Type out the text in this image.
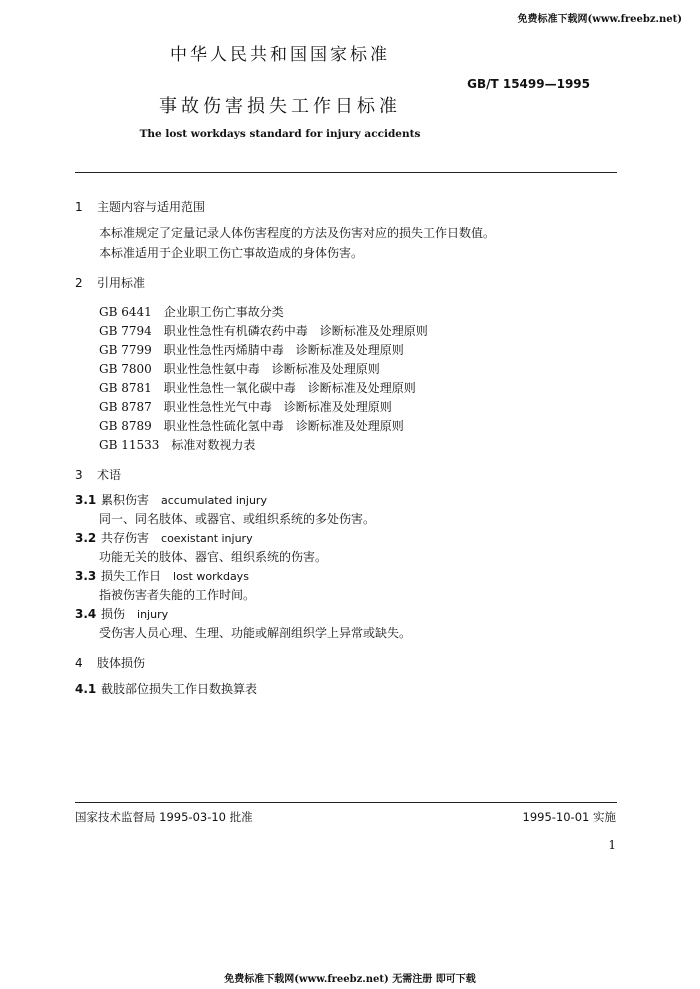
免费标准下载网(www.freebz.net)
中华人民共和国国家标准
GB/T 15499—1995
事故伤害损失工作日标准
The lost workdays standard for injury accidents
1 主题内容与适用范围
本标准规定了定量记录人体伤害程度的方法及伤害对应的损失工作日数值。
本标准适用于企业职工伤亡事故造成的身体伤害。
2 引用标准
GB 6441　 企业职工伤亡事故分类
GB 7794　 职业性急性有机磷农药中毒　诊断标准及处理原则
GB 7799　 职业性急性丙烯腈中毒　诊断标准及处理原则
GB 7800　 职业性急性氨中毒　诊断标准及处理原则
GB 8781　 职业性急性一氧化碳中毒　诊断标准及处理原则
GB 8787　 职业性急性光气中毒　诊断标准及处理原则
GB 8789　 职业性急性硫化氢中毒　诊断标准及处理原则
GB 11533　 标准对数视力表
3 术语
3.1 累积伤害 accumulated injury
同一、同名肢体、或器官、或组织系统的多处伤害。
3.2 共存伤害 coexistant injury
功能无关的肢体、器官、组织系统的伤害。
3.3 损失工作日 lost workdays
指被伤害者失能的工作时间。
3.4 损伤 injury
受伤害人员心理、生理、功能或解剖组织学上异常或缺失。
4 肢体损伤
4.1 截肢部位损失工作日数换算表
国家技术监督局 1995-03-10 批准	1995-10-01 实施
1
免费标准下载网(www.freebz.net) 无需注册 即可下载
